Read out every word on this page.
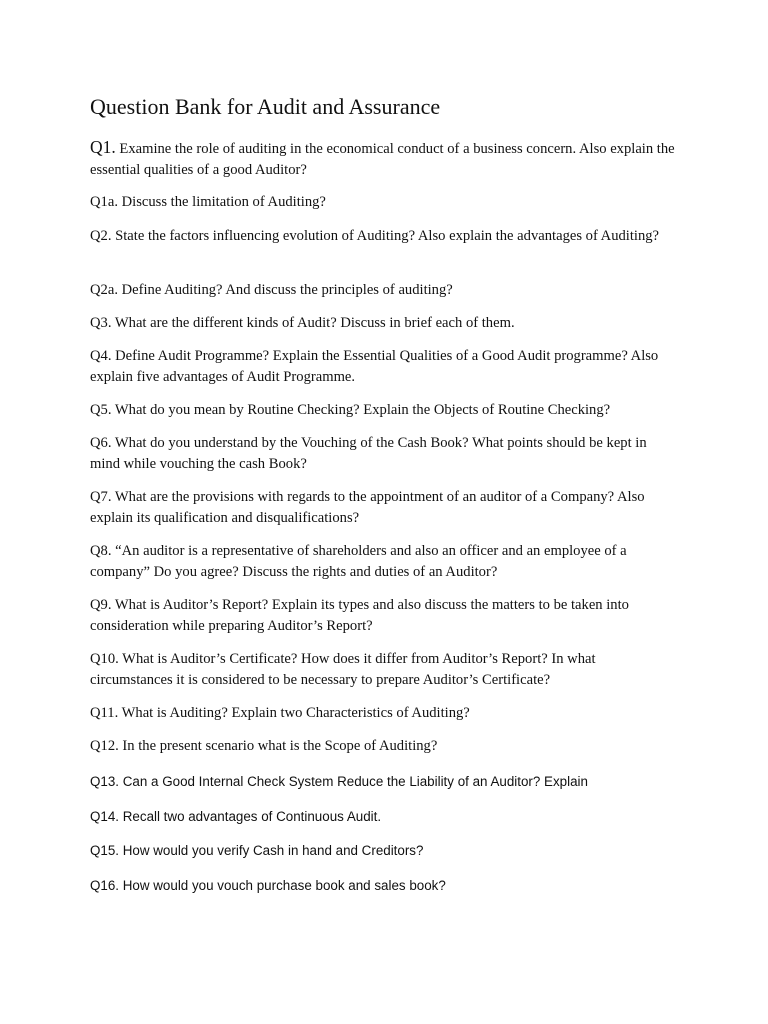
Question Bank for Audit and Assurance

Q1. Examine the role of auditing in the economical conduct of a business concern. Also explain the essential qualities of a good Auditor?

Q1a. Discuss the limitation of Auditing?

Q2. State the factors influencing evolution of Auditing? Also explain the advantages of Auditing?

Q2a. Define Auditing? And discuss the principles of auditing?

Q3. What are the different kinds of Audit? Discuss in brief each of them.

Q4. Define Audit Programme? Explain the Essential Qualities of a Good Audit programme? Also explain five advantages of Audit Programme.

Q5. What do you mean by Routine Checking? Explain the Objects of Routine Checking?

Q6. What do you understand by the Vouching of the Cash Book? What points should be kept in mind while vouching the cash Book?

Q7. What are the provisions with regards to the appointment of an auditor of a Company? Also explain its qualification and disqualifications?

Q8. “An auditor is a representative of shareholders and also an officer and an employee of a company” Do you agree? Discuss the rights and duties of an Auditor?

Q9. What is Auditor’s Report? Explain its types and also discuss the matters to be taken into consideration while preparing Auditor’s Report?

Q10. What is Auditor’s Certificate? How does it differ from Auditor’s Report? In what circumstances it is considered to be necessary to prepare Auditor’s Certificate?

Q11. What is Auditing? Explain two Characteristics of Auditing?

Q12. In the present scenario what is the Scope of Auditing?

Q13. Can a Good Internal Check System Reduce the Liability of an Auditor? Explain

Q14. Recall two advantages of Continuous Audit.

Q15. How would you verify Cash in hand and Creditors?

Q16. How would you vouch purchase book and sales book?
